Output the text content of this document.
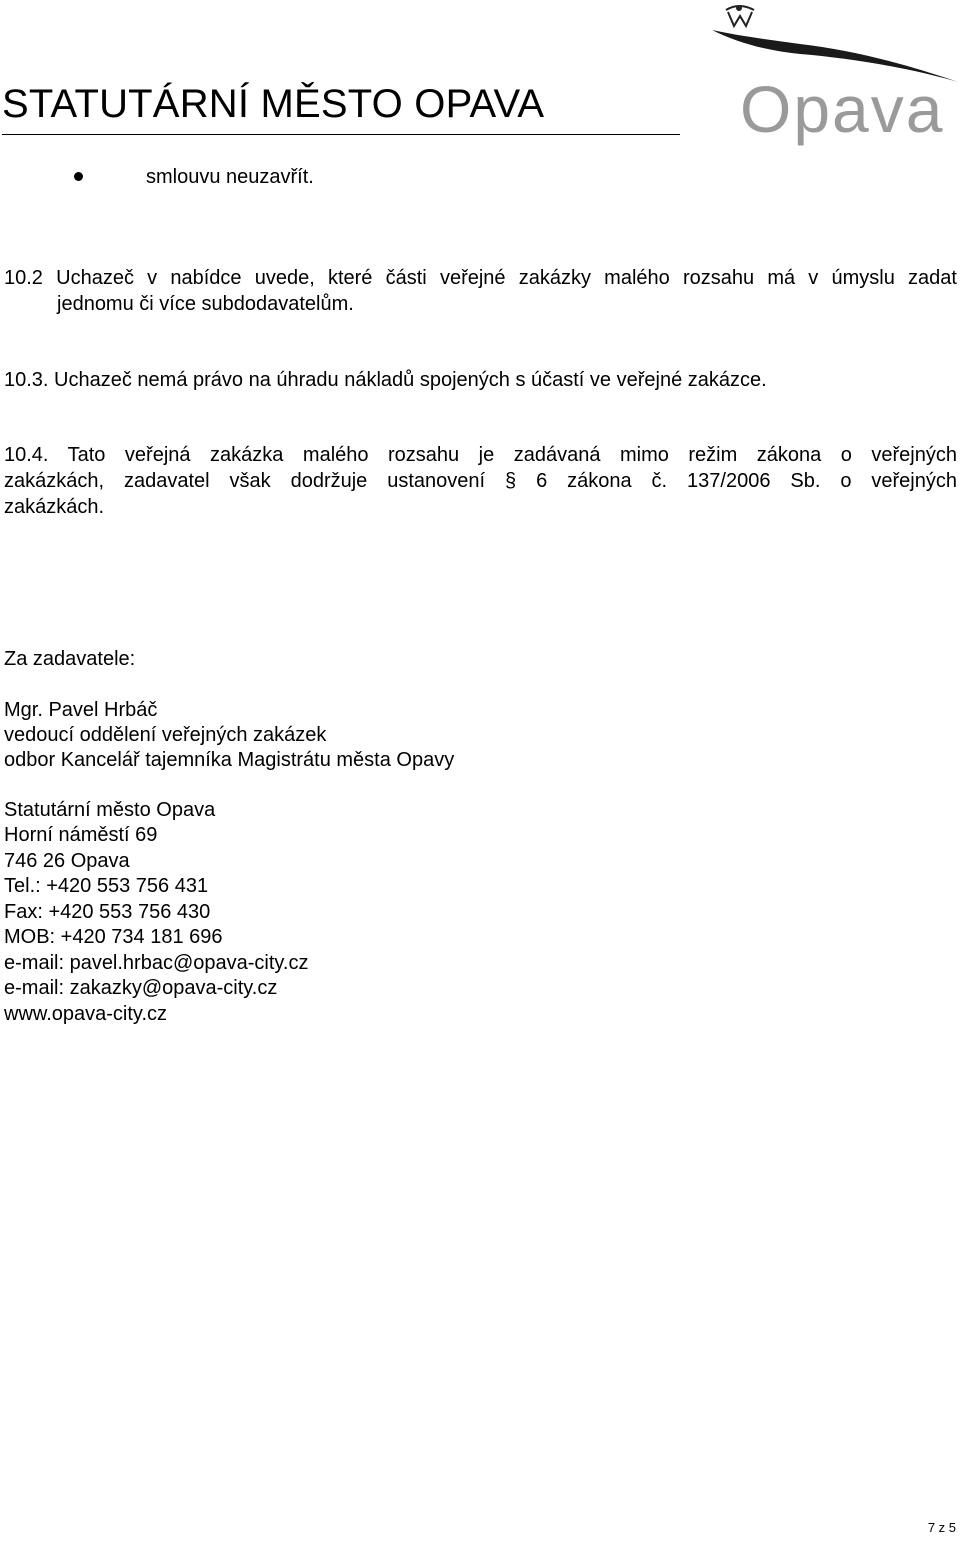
STATUTÁRNÍ MĚSTO OPAVA	Opava
smlouvu neuzavřít.
10.2 Uchazeč v nabídce uvede, které části veřejné zakázky malého rozsahu má v úmyslu zadat
jednomu či více subdodavatelům.
10.3. Uchazeč nemá právo na úhradu nákladů spojených s účastí ve veřejné zakázce.
10.4. Tato veřejná zakázka malého rozsahu je zadávaná mimo režim zákona o veřejných
zakázkách, zadavatel však dodržuje ustanovení § 6 zákona č. 137/2006 Sb. o veřejných
zakázkách.
Za zadavatele:
Mgr. Pavel Hrbáč
vedoucí oddělení veřejných zakázek
odbor Kancelář tajemníka Magistrátu města Opavy
Statutární město Opava
Horní náměstí 69
746 26 Opava
Tel.: +420 553 756 431
Fax: +420 553 756 430
MOB: +420 734 181 696
e-mail: pavel.hrbac@opava-city.cz
e-mail: zakazky@opava-city.cz
www.opava-city.cz
7 z 5
